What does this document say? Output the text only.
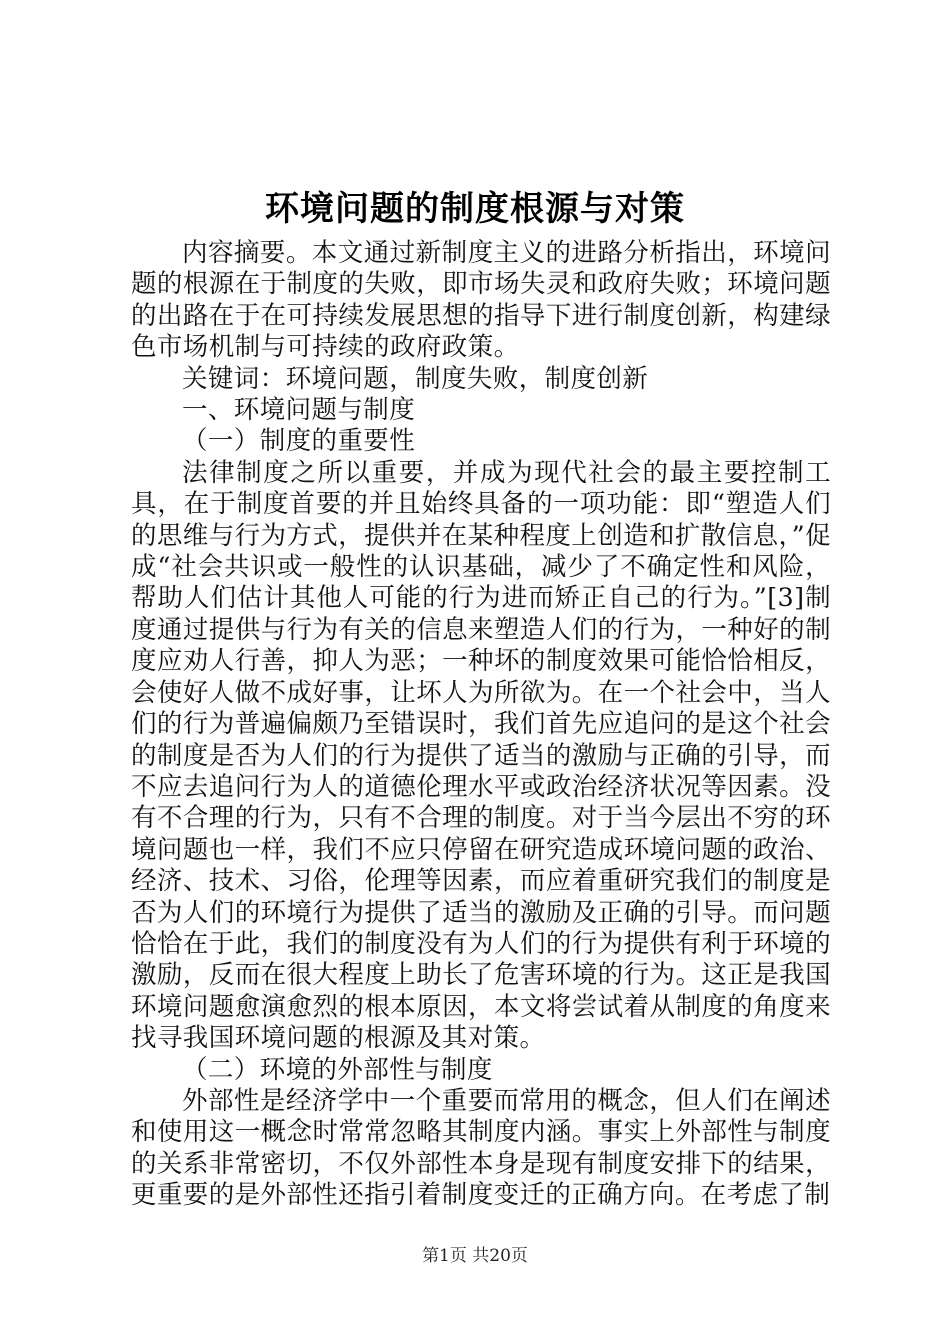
环境问题的制度根源与对策

内容摘要。本文通过新制度主义的进路分析指出，环境问题的根源在于制度的失败，即市场失灵和政府失败；环境问题的出路在于在可持续发展思想的指导下进行制度创新，构建绿色市场机制与可持续的政府政策。

关键词：环境问题，制度失败，制度创新

一、环境问题与制度

（一）制度的重要性

法律制度之所以重要，并成为现代社会的最主要控制工具，在于制度首要的并且始终具备的一项功能：即“塑造人们的思维与行为方式，提供并在某种程度上创造和扩散信息，”促成“社会共识或一般性的认识基础，减少了不确定性和风险，帮助人们估计其他人可能的行为进而矫正自己的行为。”[3]制度通过提供与行为有关的信息来塑造人们的行为，一种好的制度应劝人行善，抑人为恶；一种坏的制度效果可能恰恰相反，会使好人做不成好事，让坏人为所欲为。在一个社会中，当人们的行为普遍偏颇乃至错误时，我们首先应追问的是这个社会的制度是否为人们的行为提供了适当的激励与正确的引导，而不应去追问行为人的道德伦理水平或政治经济状况等因素。没有不合理的行为，只有不合理的制度。对于当今层出不穷的环境问题也一样，我们不应只停留在研究造成环境问题的政治、经济、技术、习俗，伦理等因素，而应着重研究我们的制度是否为人们的环境行为提供了适当的激励及正确的引导。而问题恰恰在于此，我们的制度没有为人们的行为提供有利于环境的激励，反而在很大程度上助长了危害环境的行为。这正是我国环境问题愈演愈烈的根本原因，本文将尝试着从制度的角度来找寻我国环境问题的根源及其对策。

（二）环境的外部性与制度

外部性是经济学中一个重要而常用的概念，但人们在阐述和使用这一概念时常常忽略其制度内涵。事实上外部性与制度的关系非常密切，不仅外部性本身是现有制度安排下的结果，更重要的是外部性还指引着制度变迁的正确方向。在考虑了制

第1页 共20页
